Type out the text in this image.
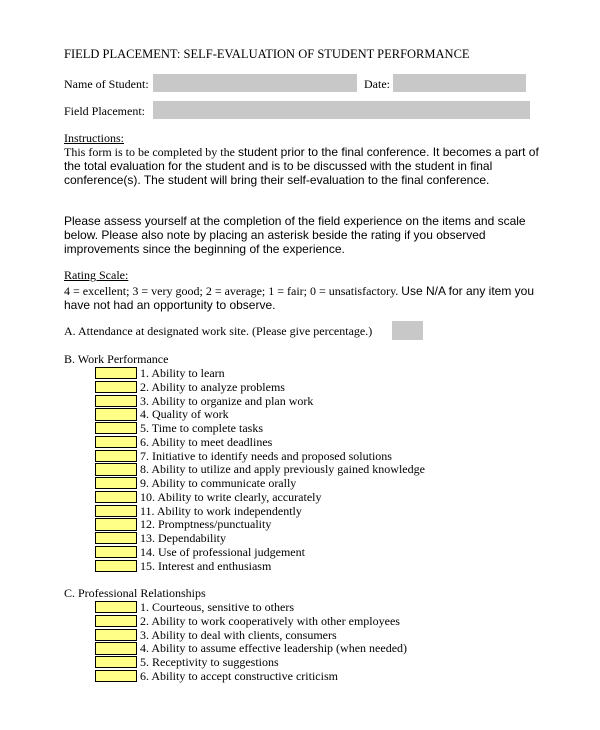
FIELD PLACEMENT: SELF-EVALUATION OF STUDENT PERFORMANCE
Name of Student:	Date:
Field Placement:
Instructions:
This form is to be completed by the student prior to the final conference. It becomes a part of the total evaluation for the student and is to be discussed with the student in final conference(s). The student will bring their self-evaluation to the final conference.
Please assess yourself at the completion of the field experience on the items and scale below. Please also note by placing an asterisk beside the rating if you observed improvements since the beginning of the experience.
Rating Scale:
4 = excellent; 3 = very good; 2 = average; 1 = fair; 0 = unsatisfactory. Use N/A for any item you have not had an opportunity to observe.
A. Attendance at designated work site. (Please give percentage.)
B. Work Performance
1. Ability to learn
2. Ability to analyze problems
3. Ability to organize and plan work
4. Quality of work
5. Time to complete tasks
6. Ability to meet deadlines
7. Initiative to identify needs and proposed solutions
8. Ability to utilize and apply previously gained knowledge
9. Ability to communicate orally
10. Ability to write clearly, accurately
11. Ability to work independently
12. Promptness/punctuality
13. Dependability
14. Use of professional judgement
15. Interest and enthusiasm
C. Professional Relationships
1. Courteous, sensitive to others
2. Ability to work cooperatively with other employees
3. Ability to deal with clients, consumers
4. Ability to assume effective leadership (when needed)
5. Receptivity to suggestions
6. Ability to accept constructive criticism
